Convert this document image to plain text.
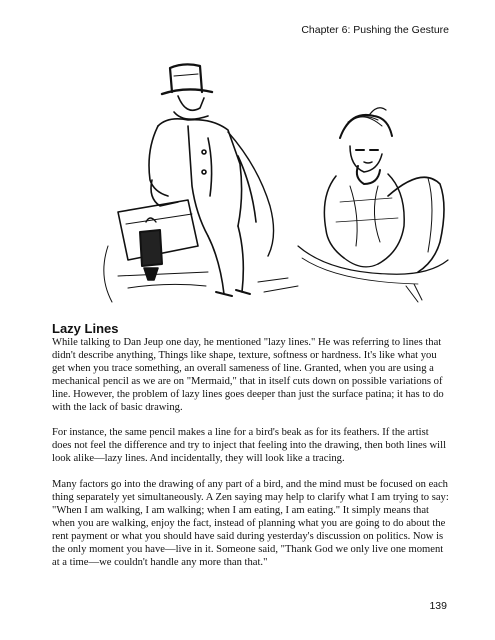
Chapter 6: Pushing the Gesture
Lazy Lines

While talking to Dan Jeup one day, he mentioned "lazy lines." He was referring to lines that didn't describe anything, Things like shape, texture, softness or hardness. It's like what you get when you trace something, an overall sameness of line. Granted, when you are using a mechanical pencil as we are on "Mermaid," that in itself cuts down on possible variations of line. However, the problem of lazy lines goes deeper than just the surface patina; it has to do with the lack of basic drawing.

For instance, the same pencil makes a line for a bird's beak as for its feathers. If the artist does not feel the difference and try to inject that feeling into the drawing, then both lines will look alike—lazy lines. And incidentally, they will look like a tracing.

Many factors go into the drawing of any part of a bird, and the mind must be focused on each thing separately yet simultaneously. A Zen saying may help to clarify what I am trying to say: "When I am walking, I am walking; when I am eating, I am eating." It simply means that when you are walking, enjoy the fact, instead of planning what you are going to do about the rent payment or what you should have said during yesterday's discussion on politics. Now is the only moment you have—live in it. Someone said, "Thank God we only live one moment at a time—we couldn't handle any more than that."

139
